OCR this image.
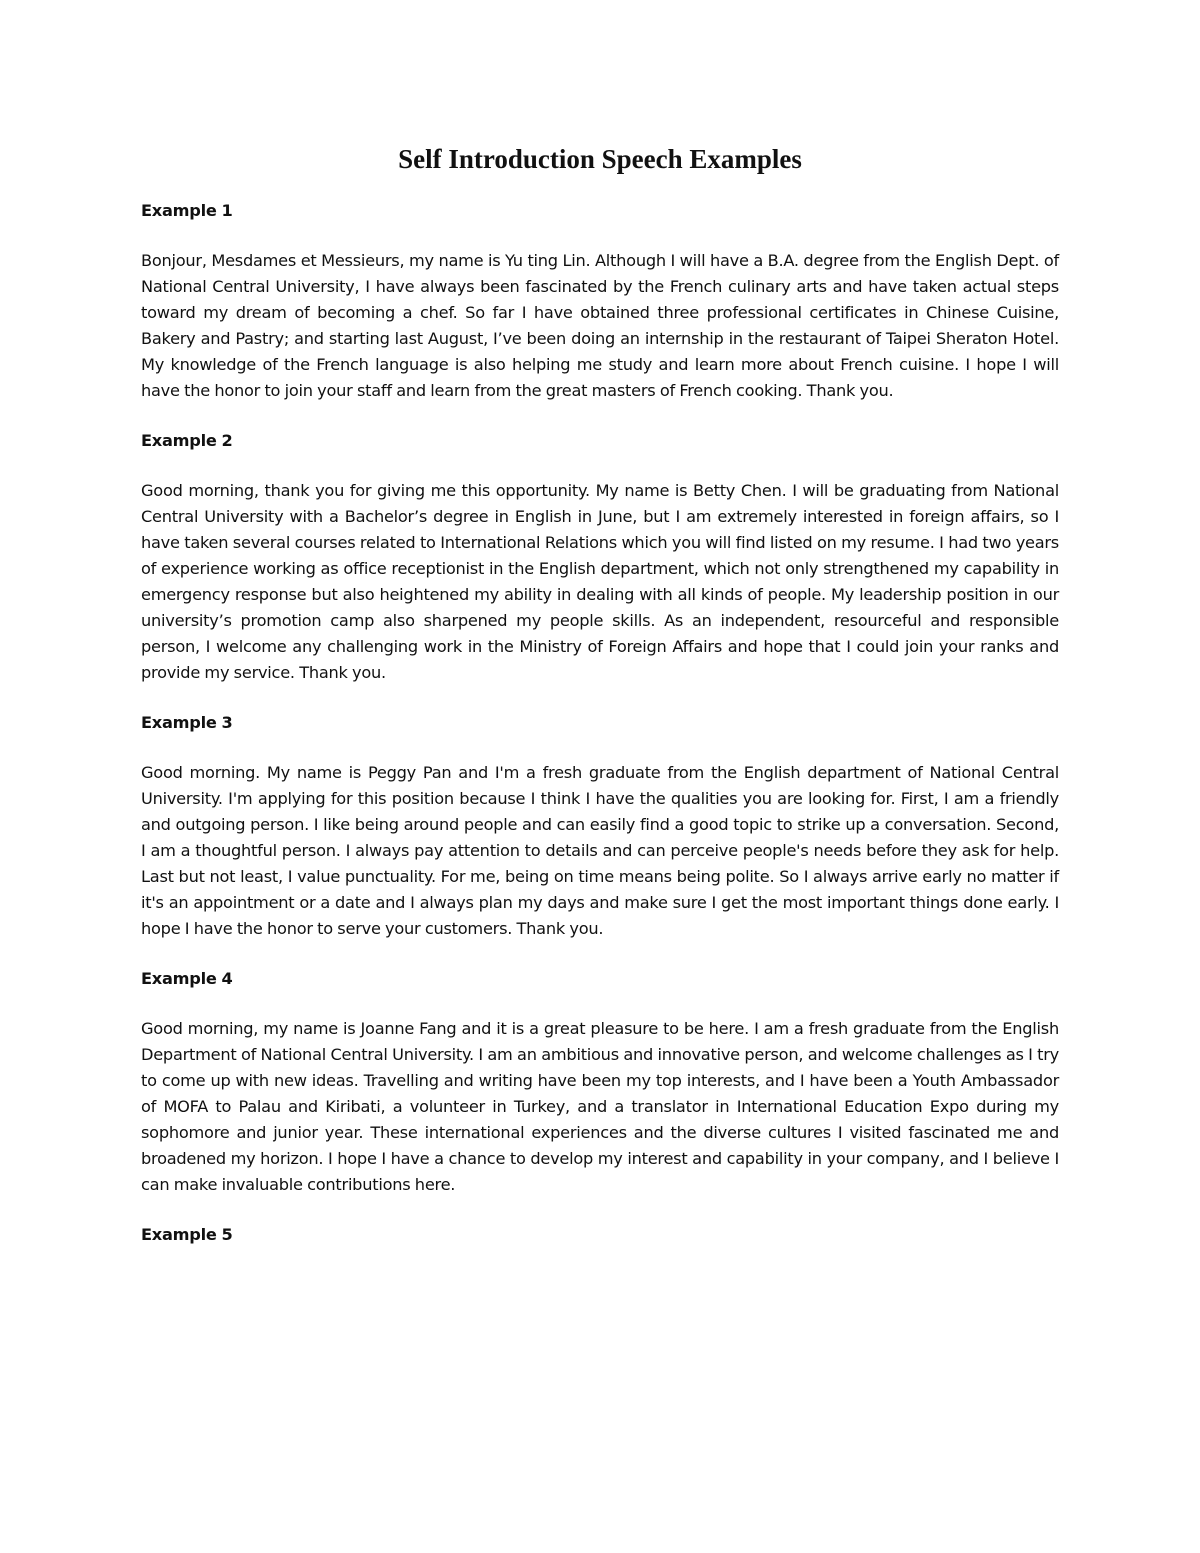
Self Introduction Speech Examples

Example 1

Bonjour, Mesdames et Messieurs, my name is Yu ting Lin. Although I will have a B.A. degree from the English Dept. of National Central University, I have always been fascinated by the French culinary arts and have taken actual steps toward my dream of becoming a chef. So far I have obtained three professional certificates in Chinese Cuisine, Bakery and Pastry; and starting last August, I’ve been doing an internship in the restaurant of Taipei Sheraton Hotel. My knowledge of the French language is also helping me study and learn more about French cuisine. I hope I will have the honor to join your staff and learn from the great masters of French cooking. Thank you.

Example 2

Good morning, thank you for giving me this opportunity. My name is Betty Chen. I will be graduating from National Central University with a Bachelor’s degree in English in June, but I am extremely interested in foreign affairs, so I have taken several courses related to International Relations which you will find listed on my resume. I had two years of experience working as office receptionist in the English department, which not only strengthened my capability in emergency response but also heightened my ability in dealing with all kinds of people. My leadership position in our university’s promotion camp also sharpened my people skills. As an independent, resourceful and responsible person, I welcome any challenging work in the Ministry of Foreign Affairs and hope that I could join your ranks and provide my service. Thank you.

Example 3

Good morning. My name is Peggy Pan and I'm a fresh graduate from the English department of National Central University. I'm applying for this position because I think I have the qualities you are looking for. First, I am a friendly and outgoing person. I like being around people and can easily find a good topic to strike up a conversation. Second, I am a thoughtful person. I always pay attention to details and can perceive people's needs before they ask for help. Last but not least, I value punctuality. For me, being on time means being polite. So I always arrive early no matter if it's an appointment or a date and I always plan my days and make sure I get the most important things done early. I hope I have the honor to serve your customers. Thank you.

Example 4

Good morning, my name is Joanne Fang and it is a great pleasure to be here. I am a fresh graduate from the English Department of National Central University. I am an ambitious and innovative person, and welcome challenges as I try to come up with new ideas. Travelling and writing have been my top interests, and I have been a Youth Ambassador of MOFA to Palau and Kiribati, a volunteer in Turkey, and a translator in International Education Expo during my sophomore and junior year. These international experiences and the diverse cultures I visited fascinated me and broadened my horizon. I hope I have a chance to develop my interest and capability in your company, and I believe I can make invaluable contributions here.

Example 5
